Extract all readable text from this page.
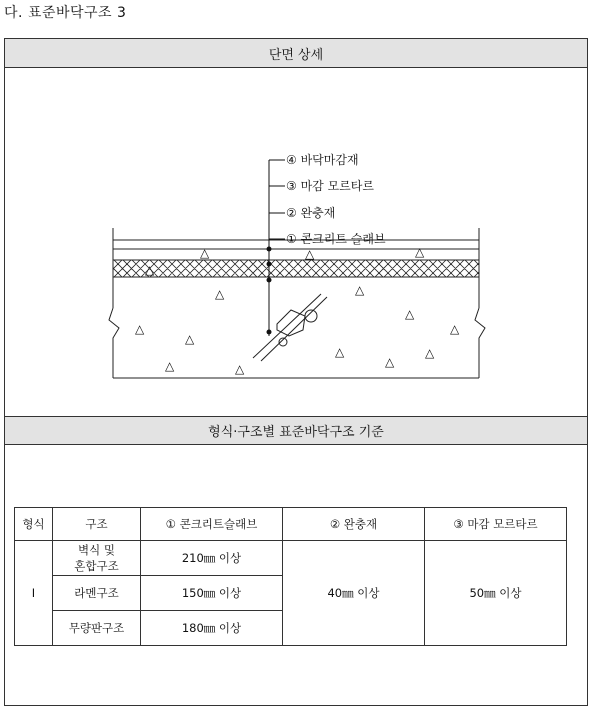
다. 표준바닥구조 3
단면 상세
△
△
△
△
△
△
△
△
△
△
△
△
△	△
△
④ 바닥마감재
③ 마감 모르타르
② 완충재
① 콘크리트 슬래브
형식·구조별 표준바닥구조 기준
형식	구조	① 콘크리트슬래브	② 완충재	③ 마감 모르타르
Ⅰ	벽식 및
혼합구조	210㎜ 이상	40㎜ 이상	50㎜ 이상
	라멘구조	150㎜ 이상		
	무량판구조	180㎜ 이상		
